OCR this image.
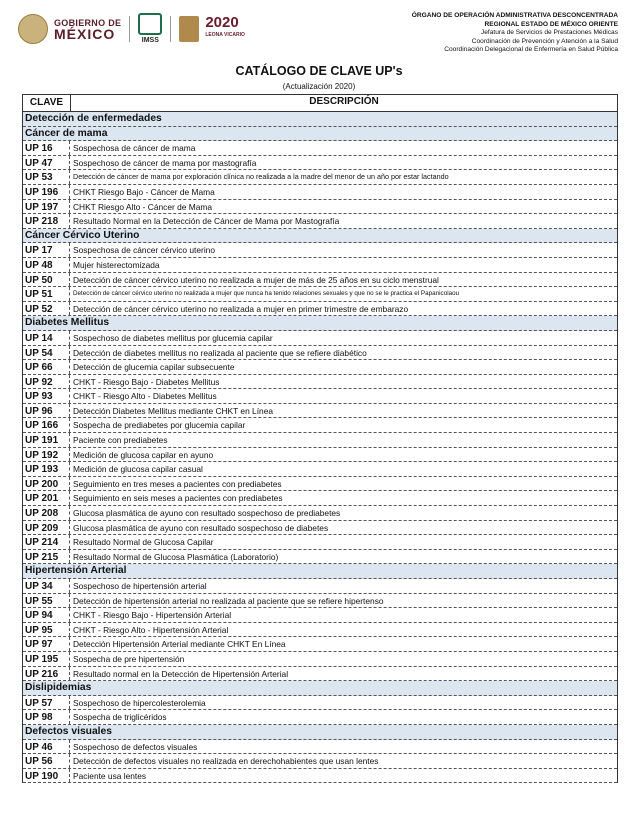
GOBIERNO DE
MÉXICO	IMSS
2020
LEONA VICARIO
ÓRGANO DE OPERACIÓN ADMINISTRATIVA DESCONCENTRADA
REGIONAL ESTADO DE MÉXICO ORIENTE
Jefatura de Servicios de Prestaciones Médicas
Coordinación de Prevención y Atención a la Salud
Coordinación Delegacional de Enfermería en Salud Pública
CATÁLOGO DE CLAVE UP's
(Actualización 2020)
CLAVE	DESCRIPCIÓN
Detección de enfermedades
Cáncer de mama
UP 16	Sospechosa de cáncer de mama
UP 47	Sospechoso de cáncer de mama por mastografía
UP 53	Detección de cáncer de mama por exploración clínica no realizada a la madre del menor de un año por estar lactando
UP 196	CHKT Riesgo Bajo - Cáncer de Mama
UP 197	CHKT Riesgo Alto - Cáncer de Mama
UP 218	Resultado Normal en la Detección de Cáncer de Mama por Mastografía
Cáncer Cérvico Uterino
UP 17	Sospechosa de cáncer cérvico uterino
UP 48	Mujer histerectomizada
UP 50	Detección de cáncer cérvico uterino no realizada a mujer de más de 25 años en su ciclo menstrual
UP 51	Detección de cáncer cérvico uterino no realizada a mujer que nunca ha tenido relaciones sexuales y que no se le practica el Papanicolaou
UP 52	Detección de cáncer cérvico uterino no realizada a mujer en primer trimestre de embarazo
Diabetes Mellitus
UP 14	Sospechoso de diabetes mellitus por glucemia capilar
UP 54	Detección de diabetes mellitus no realizada al paciente que se refiere diabético
UP 66	Detección de glucemia capilar subsecuente
UP 92	CHKT - Riesgo Bajo - Diabetes Mellitus
UP 93	CHKT - Riesgo Alto - Diabetes Mellitus
UP 96	Detección Diabetes Mellitus mediante CHKT en Línea
UP 166	Sospecha de prediabetes por glucemia capilar
UP 191	Paciente con prediabetes
UP 192	Medición de glucosa capilar en ayuno
UP 193	Medición de glucosa capilar casual
UP 200	Seguimiento en tres meses a pacientes con prediabetes
UP 201	Seguimiento en seis meses a pacientes con prediabetes
UP 208	Glucosa plasmática de ayuno con resultado sospechoso de prediabetes
UP 209	Glucosa plasmática de ayuno con resultado sospechoso de diabetes
UP 214	Resultado Normal de Glucosa Capilar
UP 215	Resultado Normal de Glucosa Plasmática (Laboratorio)
Hipertensión Arterial
UP 34	Sospechoso de hipertensión arterial
UP 55	Detección de hipertensión arterial no realizada al paciente que se refiere hipertenso
UP 94	CHKT - Riesgo Bajo - Hipertensión Arterial
UP 95	CHKT - Riesgo Alto - Hipertensión Arterial
UP 97	Detección Hipertensión Arterial mediante CHKT En Línea
UP 195	Sospecha de pre hipertensión
UP 216	Resultado normal en la Detección de Hipertensión Arterial
Dislipidemias
UP 57	Sospechoso de hipercolesterolemia
UP 98	Sospecha de triglicéridos
Defectos visuales
UP 46	Sospechoso de defectos visuales
UP 56	Detección de defectos visuales no realizada en derechohabientes que usan lentes
UP 190	Paciente usa lentes
